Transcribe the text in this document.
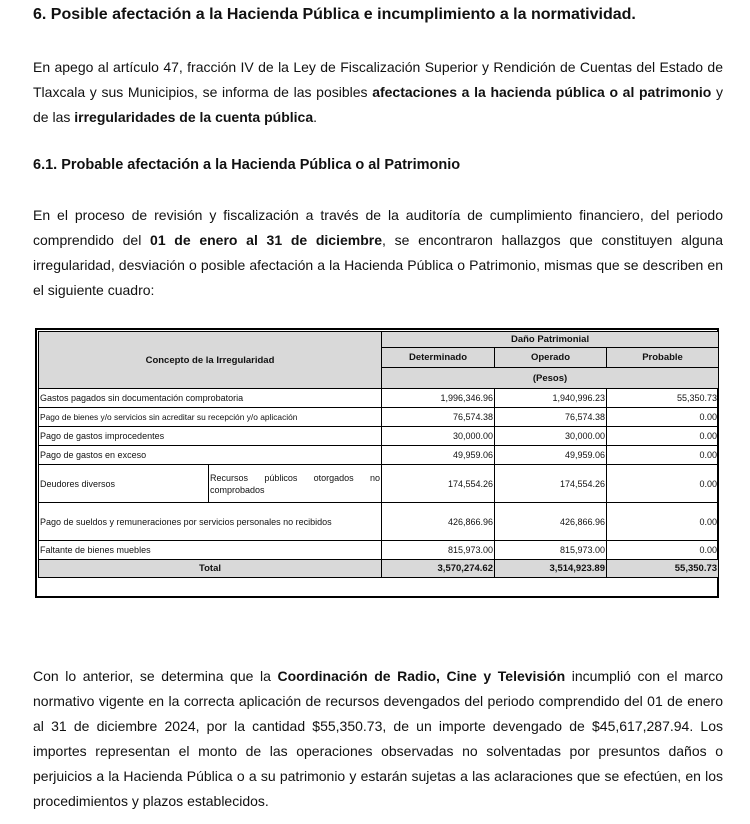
6. Posible afectación a la Hacienda Pública e incumplimiento a la normatividad.
En apego al artículo 47, fracción IV de la Ley de Fiscalización Superior y Rendición de Cuentas del Estado de Tlaxcala y sus Municipios, se informa de las posibles afectaciones a la hacienda pública o al patrimonio y de las irregularidades de la cuenta pública.
6.1. Probable afectación a la Hacienda Pública o al Patrimonio
En el proceso de revisión y fiscalización a través de la auditoría de cumplimiento financiero, del periodo comprendido del 01 de enero al 31 de diciembre, se encontraron hallazgos que constituyen alguna irregularidad, desviación o posible afectación a la Hacienda Pública o Patrimonio, mismas que se describen en el siguiente cuadro:
Concepto de la Irregularidad		Daño Patrimonial		
		Determinado	Operado	Probable
		(Pesos)		
Gastos pagados sin documentación comprobatoria		1,996,346.96	1,940,996.23	55,350.73
Pago de bienes y/o servicios sin acreditar su recepción y/o aplicación		76,574.38	76,574.38	0.00
Pago de gastos improcedentes		30,000.00	30,000.00	0.00
Pago de gastos en exceso		49,959.06	49,959.06	0.00
Deudores diversos	Recursos públicos otorgados no comprobados	174,554.26	174,554.26	0.00
Pago de sueldos y remuneraciones por servicios personales no recibidos		426,866.96	426,866.96	0.00
Faltante de bienes muebles		815,973.00	815,973.00	0.00
Total		3,570,274.62	3,514,923.89	55,350.73
Con lo anterior, se determina que la Coordinación de Radio, Cine y Televisión incumplió con el marco normativo vigente en la correcta aplicación de recursos devengados del periodo comprendido del 01 de enero al 31 de diciembre 2024, por la cantidad $55,350.73, de un importe devengado de $45,617,287.94. Los importes representan el monto de las operaciones observadas no solventadas por presuntos daños o perjuicios a la Hacienda Pública o a su patrimonio y estarán sujetas a las aclaraciones que se efectúen, en los procedimientos y plazos establecidos.
